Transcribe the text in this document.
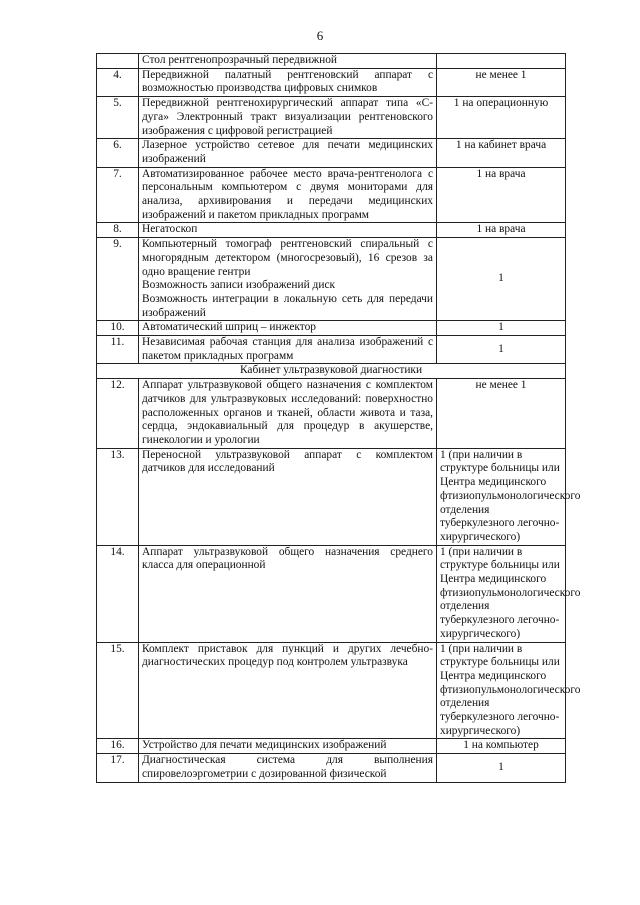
6
	Стол рентгенопрозрачный передвижной	
4.	Передвижной палатный рентгеновский аппарат с возможностью производства цифровых снимков	не менее 1
5.	Передвижной рентгенохирургический аппарат типа «С-дуга» Электронный тракт визуализации рентгеновского изображения с цифровой регистрацией	1 на операционную
6.	Лазерное устройство сетевое для печати медицинских изображений	1 на кабинет врача
7.	Автоматизированное рабочее место врача-рентгенолога с персональным компьютером с двумя мониторами для анализа, архивирования и передачи медицинских изображений и пакетом прикладных программ	1 на врача
8.	Негатоскоп	1 на врача
9.	Компьютерный томограф рентгеновский спиральный с многорядным детектором (многосрезовый), 16 срезов за одно вращение гентри
Возможность записи изображений диск
Возможность интеграции в локальную сеть для передачи изображений	1
10.	Автоматический шприц – инжектор	1
11.	Независимая рабочая станция для анализа изображений с пакетом прикладных программ	1
Кабинет ультразвуковой диагностики		
12.	Аппарат ультразвуковой общего назначения с комплектом датчиков для ультразвуковых исследований: поверхностно расположенных органов и тканей, области живота и таза, сердца, эндокавиальный для процедур в акушерстве, гинекологии и урологии	не менее 1
13.	Переносной ультразвуковой аппарат с комплектом датчиков для исследований	1 (при наличии в структуре больницы или Центра медицинского фтизиопульмонологического отделения туберкулезного легочно-хирургического)
14.	Аппарат ультразвуковой общего назначения среднего класса для операционной	1 (при наличии в структуре больницы или Центра медицинского фтизиопульмонологического отделения туберкулезного легочно-хирургического)
15.	Комплект приставок для пункций и других лечебно-диагностических процедур под контролем ультразвука	1 (при наличии в структуре больницы или Центра медицинского фтизиопульмонологического отделения туберкулезного легочно-хирургического)
16.	Устройство для печати медицинских изображений	1 на компьютер
17.	Диагностическая система для выполнения спировелоэргометрии с дозированной физической	1
